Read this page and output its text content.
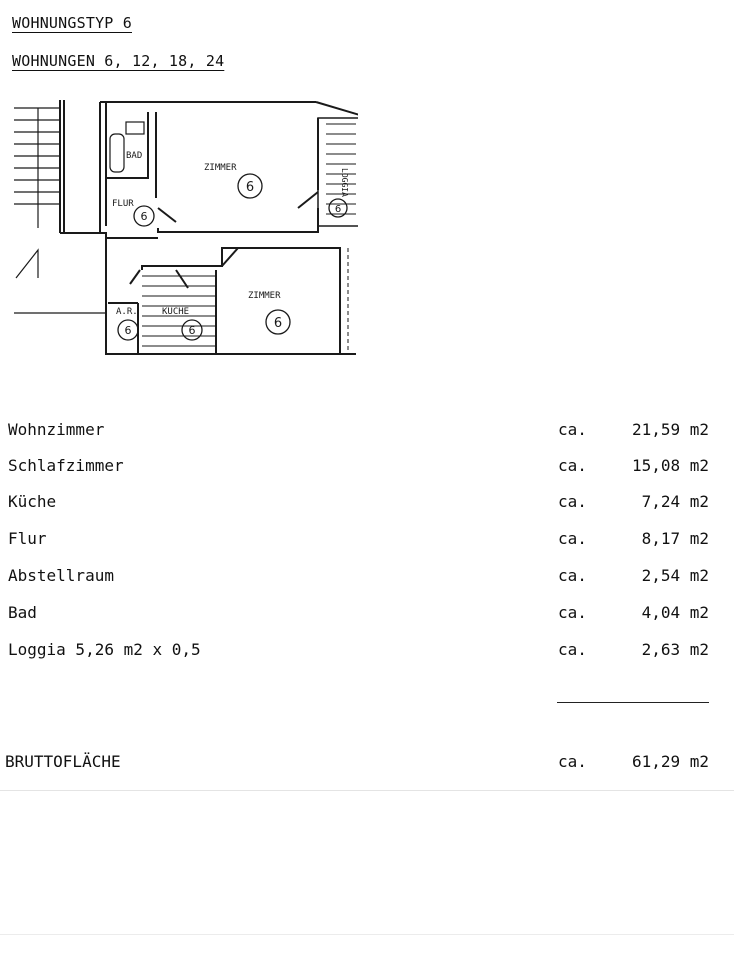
WOHNUNGSTYP 6
WOHNUNGEN 6, 12, 18, 24
BAD
FLUR
ZIMMER
ZIMMER
A.R.	KÜCHE
LOGGIA
6
6
6
6	6
6
Wohnzimmer	ca.	21,59 m2
Schlafzimmer	ca.	15,08 m2
Küche	ca.	7,24 m2
Flur	ca.	8,17 m2
Abstellraum	ca.	2,54 m2
Bad	ca.	4,04 m2
Loggia 5,26 m2 x 0,5	ca.	2,63 m2
BRUTTOFLÄCHE	ca.	61,29 m2
